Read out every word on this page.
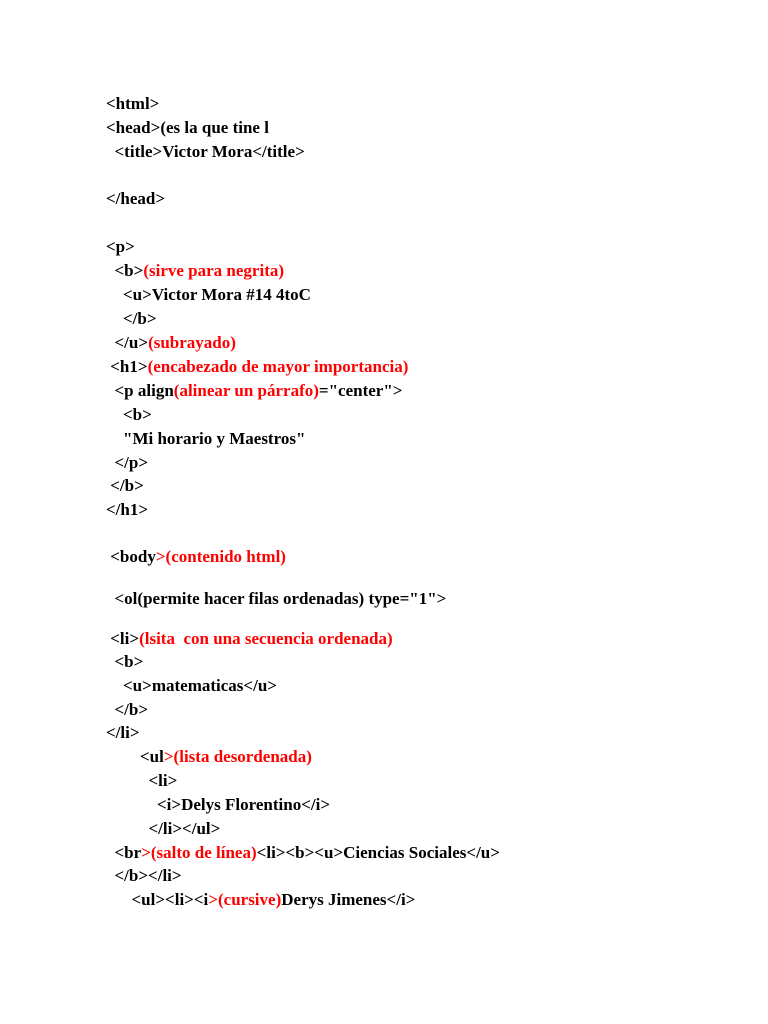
<html>
<head>(es la que tine l
<title>Victor Mora</title>
</head>
<p>
<b>(sirve para negrita)
<u>Victor Mora #14 4toC
</b>
</u>(subrayado)
<h1>(encabezado de mayor importancia)
<p align(alinear un párrafo)="center">
<b>
"Mi horario y Maestros"
</p>
</b>
</h1>
<body>(contenido html)
<ol(permite hacer filas ordenadas) type="1">
<li>(lsita  con una secuencia ordenada)
<b>
<u>matematicas</u>
</b>
</li>
<ul>(lista desordenada)
<li>
<i>Delys Florentino</i>
</li></ul>
<br>(salto de línea)<li><b><u>Ciencias Sociales</u>
</b></li>
<ul><li><i>(cursive)Derys Jimenes</i>
